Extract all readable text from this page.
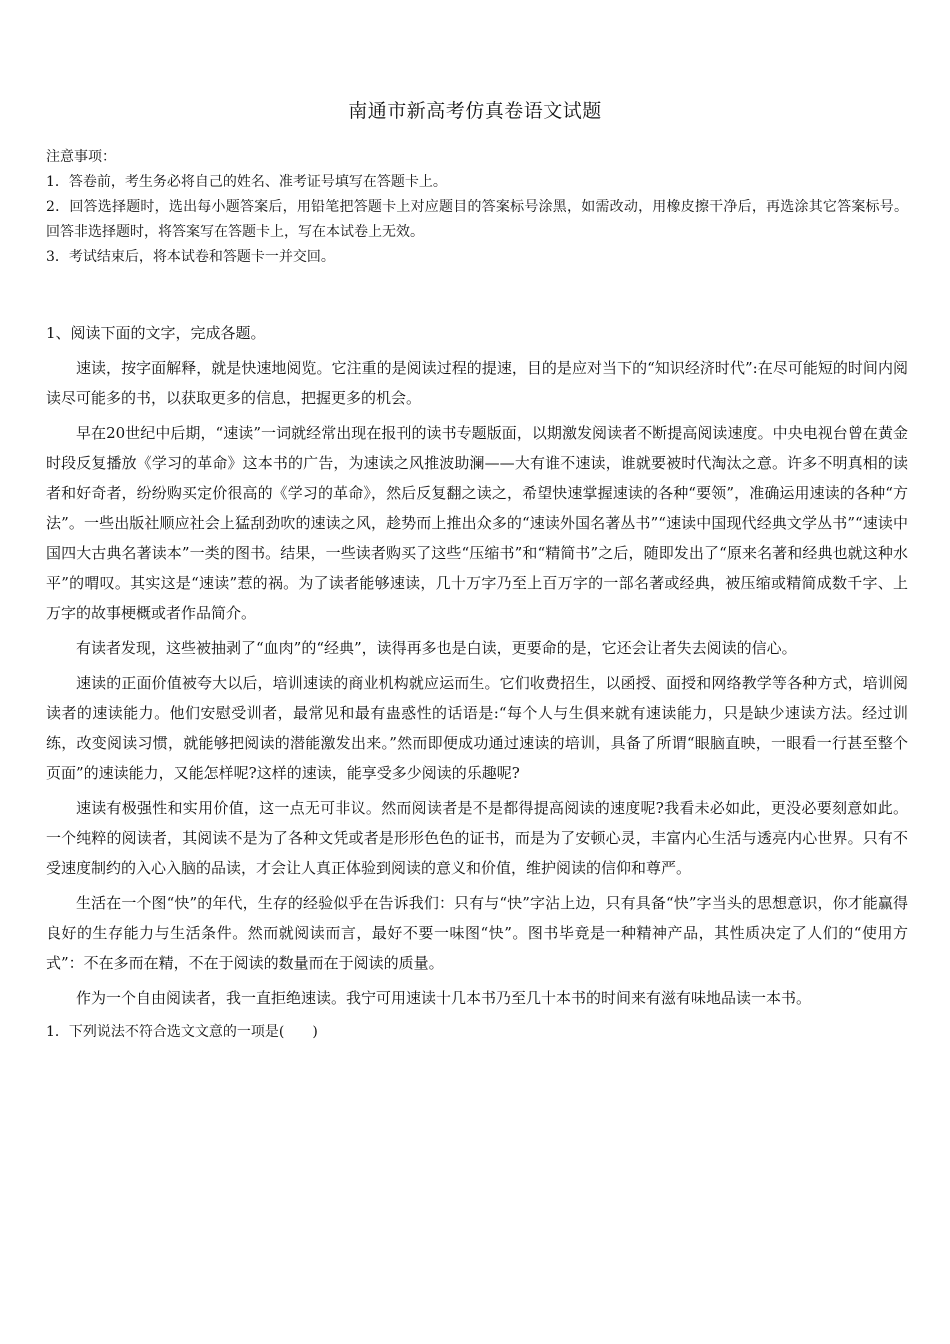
南通市新高考仿真卷语文试题
注意事项：
1．答卷前，考生务必将自己的姓名、准考证号填写在答题卡上。
2．回答选择题时，选出每小题答案后，用铅笔把答题卡上对应题目的答案标号涂黑，如需改动，用橡皮擦干净后，再选涂其它答案标号。回答非选择题时，将答案写在答题卡上，写在本试卷上无效。
3．考试结束后，将本试卷和答题卡一并交回。
1、阅读下面的文字，完成各题。

速读，按字面解释，就是快速地阅览。它注重的是阅读过程的提速，目的是应对当下的“知识经济时代”:在尽可能短的时间内阅读尽可能多的书，以获取更多的信息，把握更多的机会。

早在20世纪中后期，“速读”一词就经常出现在报刊的读书专题版面，以期激发阅读者不断提高阅读速度。中央电视台曾在黄金时段反复播放《学习的革命》这本书的广告，为速读之风推波助澜——大有谁不速读，谁就要被时代淘汰之意。许多不明真相的读者和好奇者，纷纷购买定价很高的《学习的革命》，然后反复翻之读之，希望快速掌握速读的各种“要领”，准确运用速读的各种“方法”。一些出版社顺应社会上猛刮劲吹的速读之风，趁势而上推出众多的“速读外国名著丛书”“速读中国现代经典文学丛书”“速读中国四大古典名著读本”一类的图书。结果，一些读者购买了这些“压缩书”和“精简书”之后，随即发出了“原来名著和经典也就这种水平”的喟叹。其实这是“速读”惹的祸。为了读者能够速读，几十万字乃至上百万字的一部名著或经典，被压缩或精简成数千字、上万字的故事梗概或者作品简介。

有读者发现，这些被抽剥了“血肉”的“经典”，读得再多也是白读，更要命的是，它还会让者失去阅读的信心。

速读的正面价值被夸大以后，培训速读的商业机构就应运而生。它们收费招生，以函授、面授和网络教学等各种方式，培训阅读者的速读能力。他们安慰受训者，最常见和最有蛊惑性的话语是:“每个人与生俱来就有速读能力，只是缺少速读方法。经过训练，改变阅读习惯，就能够把阅读的潜能激发出来。”然而即便成功通过速读的培训，具备了所谓“眼脑直映，一眼看一行甚至整个页面”的速读能力，又能怎样呢?这样的速读，能享受多少阅读的乐趣呢?

速读有极强性和实用价值，这一点无可非议。然而阅读者是不是都得提高阅读的速度呢?我看未必如此，更没必要刻意如此。一个纯粹的阅读者，其阅读不是为了各种文凭或者是形形色色的证书，而是为了安顿心灵，丰富内心生活与透亮内心世界。只有不受速度制约的入心入脑的品读，才会让人真正体验到阅读的意义和价值，维护阅读的信仰和尊严。

生活在一个图“快”的年代，生存的经验似乎在告诉我们：只有与“快”字沾上边，只有具备“快”字当头的思想意识，你才能赢得良好的生存能力与生活条件。然而就阅读而言，最好不要一味图“快”。图书毕竟是一种精神产品，其性质决定了人们的“使用方式”：不在多而在精，不在于阅读的数量而在于阅读的质量。

作为一个自由阅读者，我一直拒绝速读。我宁可用速读十几本书乃至几十本书的时间来有滋有味地品读一本书。

1．下列说法不符合选文文意的一项是(　　)
